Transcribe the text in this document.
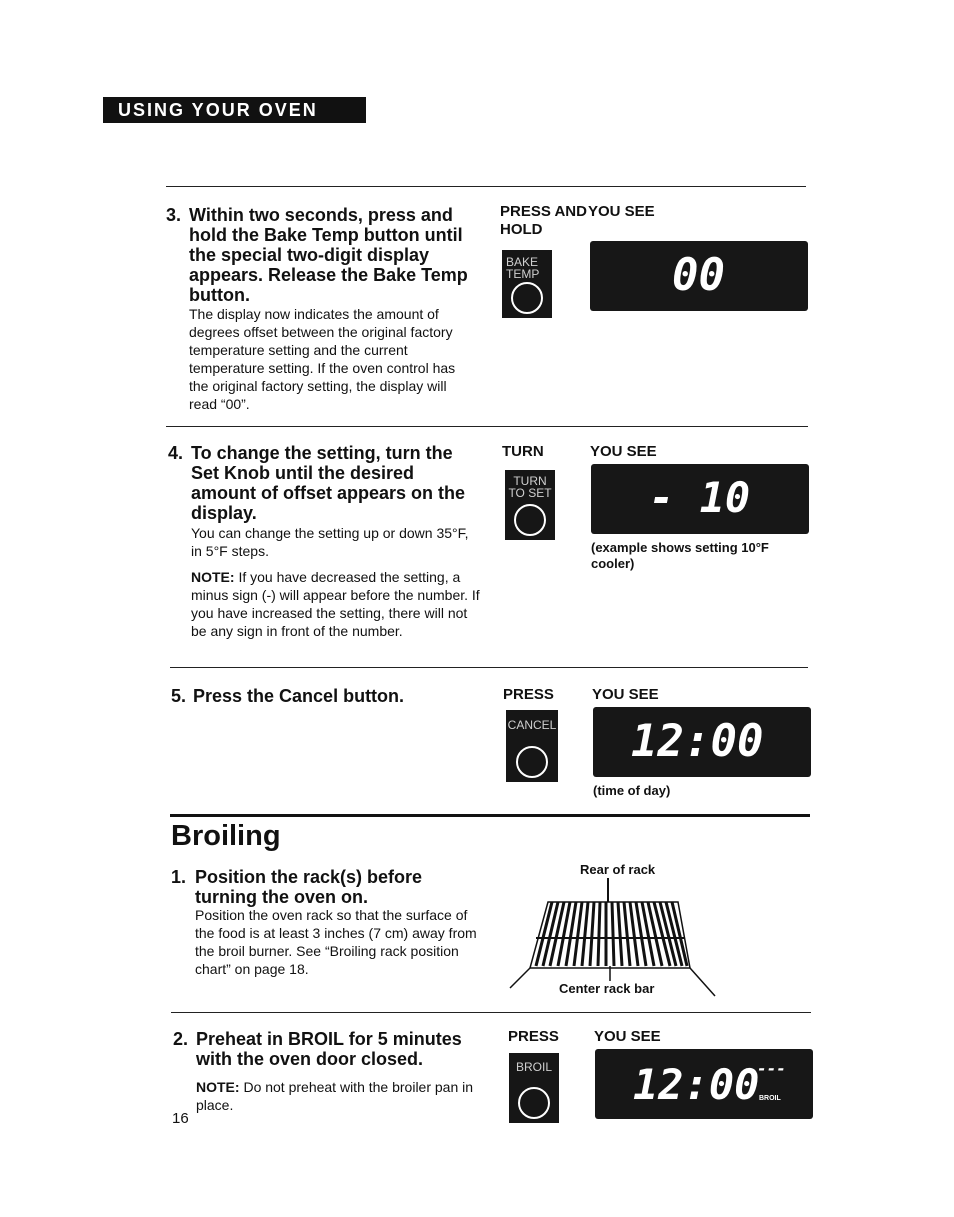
USING YOUR OVEN
3. Within two seconds, press and hold the Bake Temp button until the special two-digit display appears. Release the Bake Temp button.
The display now indicates the amount of degrees offset between the original factory temperature setting and the current temperature setting. If the oven control has the original factory setting, the display will read “00”.
PRESS AND HOLD
YOU SEE
BAKE TEMP	00
4. To change the setting, turn the Set Knob until the desired amount of offset appears on the display.
You can change the setting up or down 35°F, in 5°F steps.
NOTE: If you have decreased the setting, a minus sign (-) will appear before the number. If you have increased the setting, there will not be any sign in front of the number.
TURN	YOU SEE
TURN TO SET - 10
(example shows setting 10°F cooler)
5. Press the Cancel button.	PRESS	YOU SEE
CANCEL 12:00
(time of day)
Broiling
1. Position the rack(s) before turning the oven on.
Position the oven rack so that the surface of the food is at least 3 inches (7 cm) away from the broil burner. See “Broiling rack position chart” on page 18.
Rear of rack
Center rack bar
2. Preheat in BROIL for 5 minutes with the oven door closed.
NOTE: Do not preheat with the broiler pan in place.
PRESS YOU SEE
BROIL 12:00
---
BROIL
16
